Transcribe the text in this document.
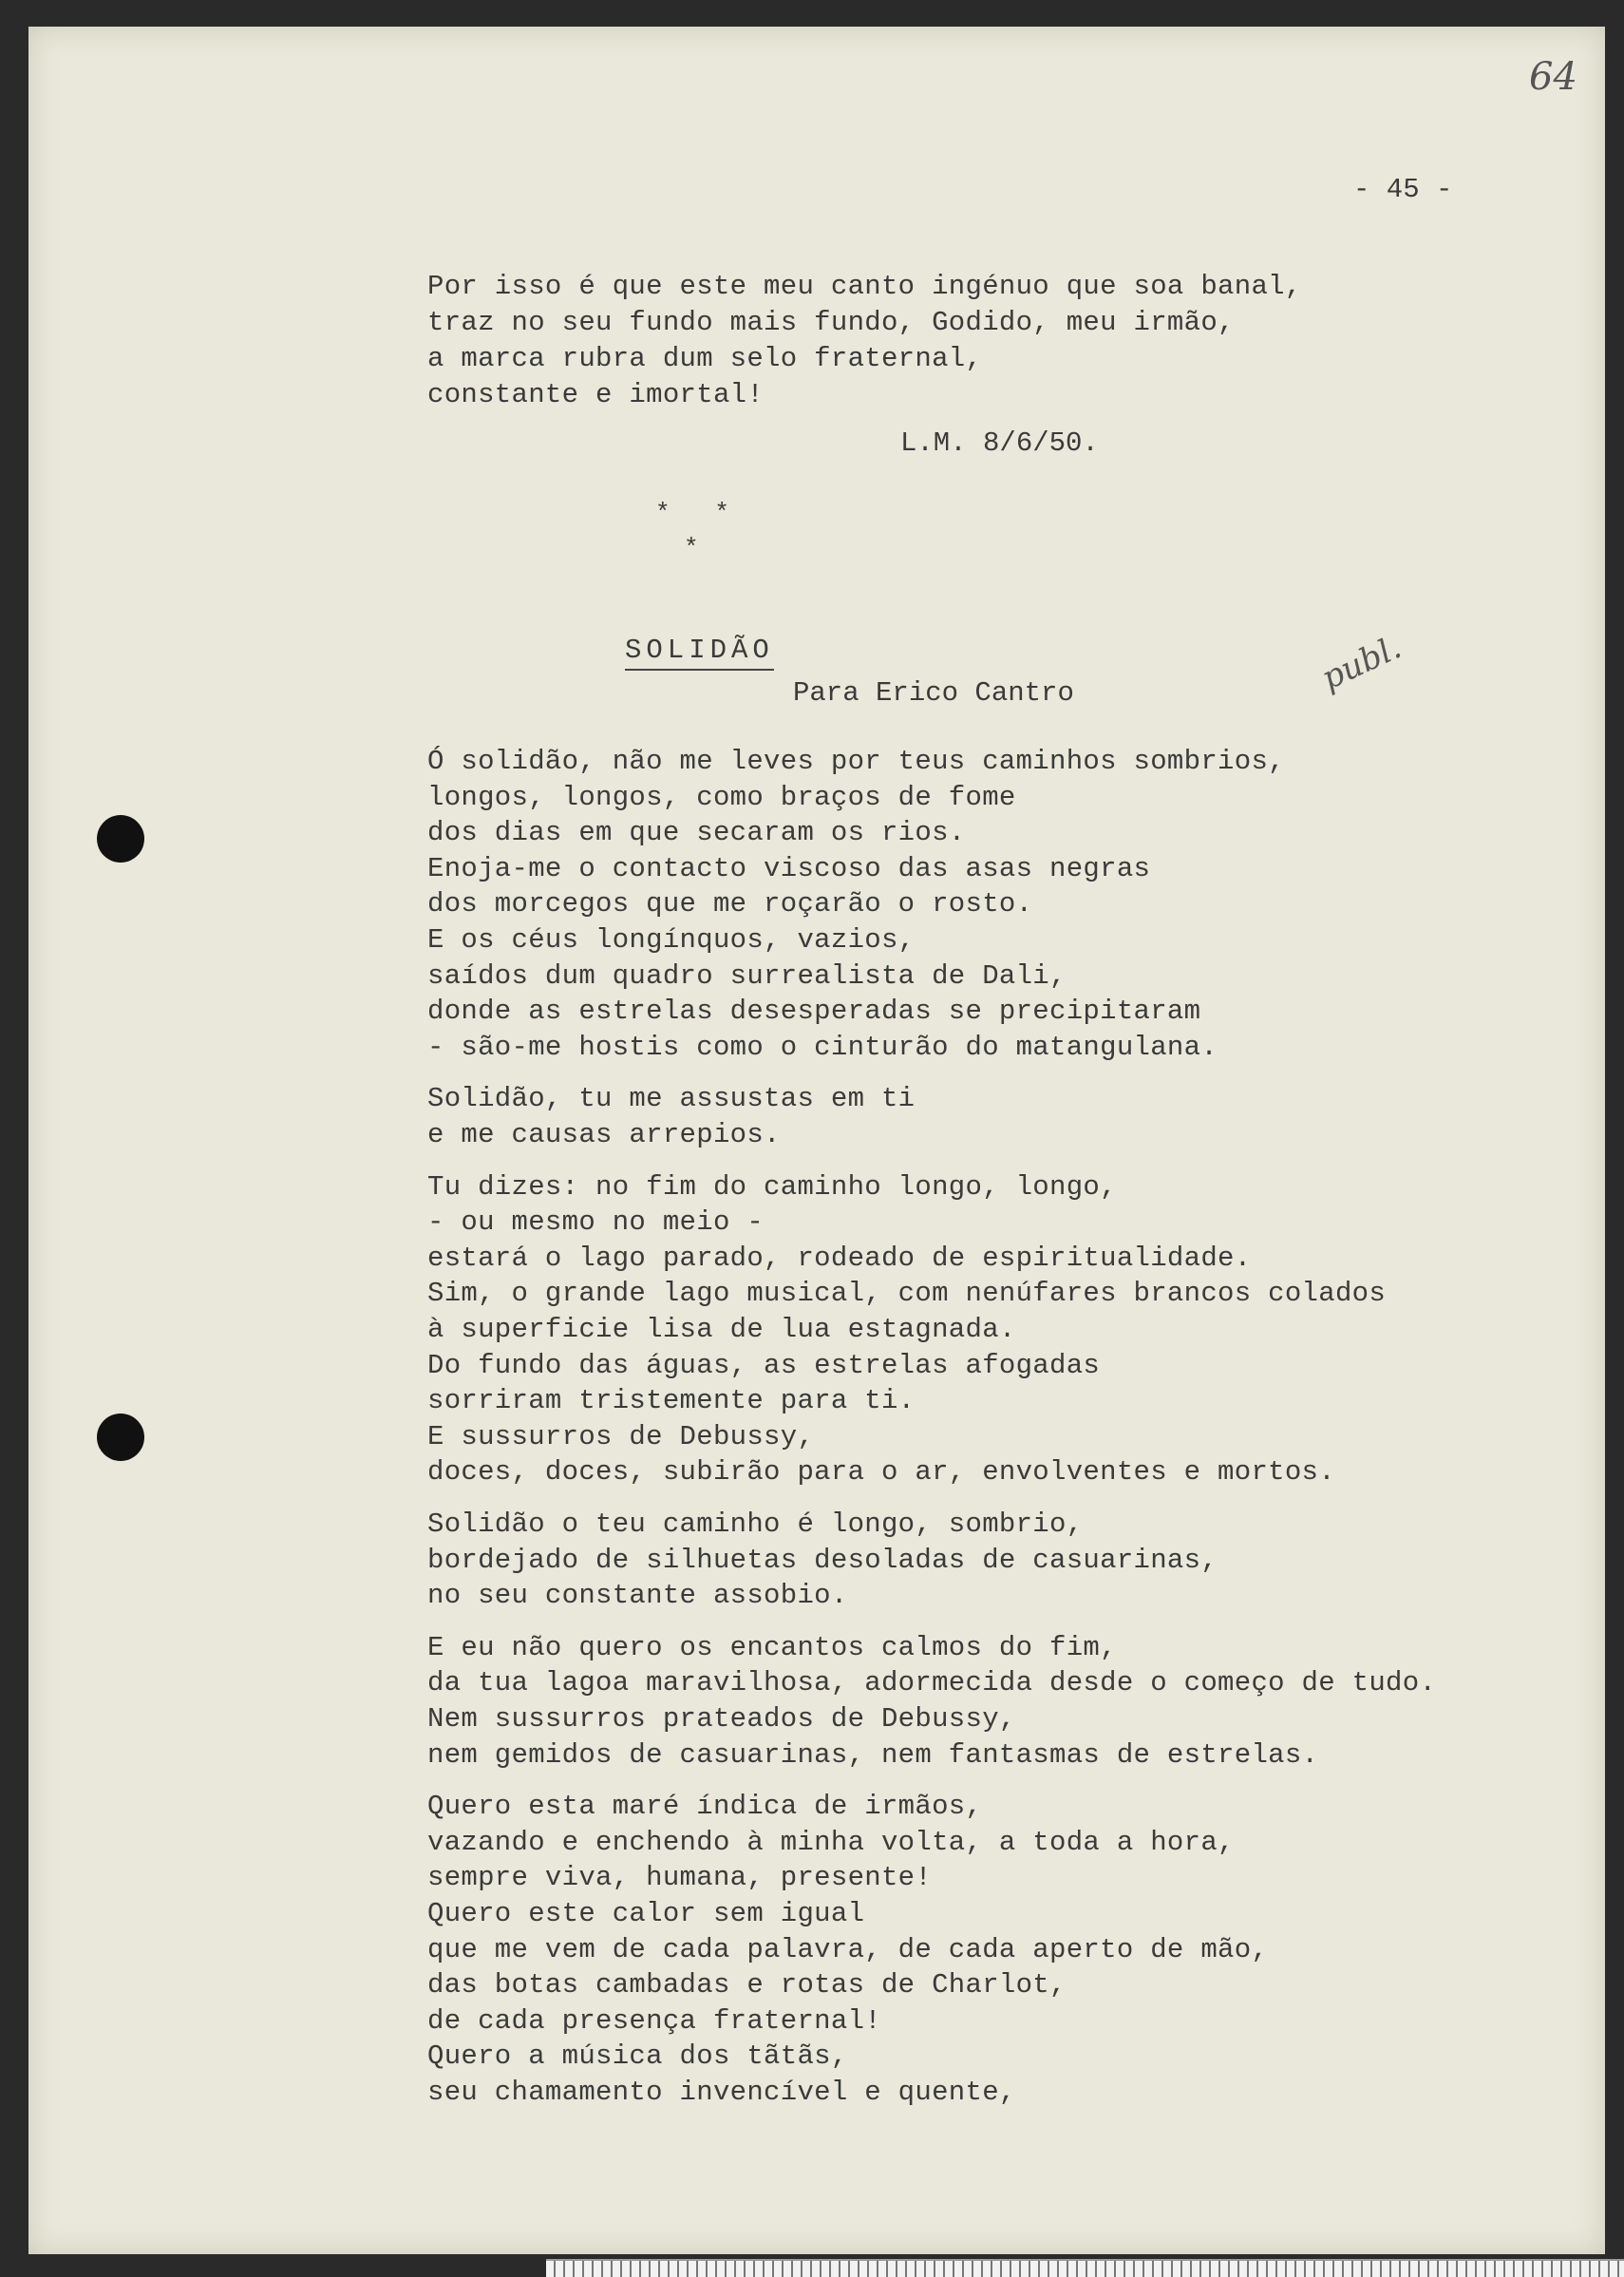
64
- 45 -
publ.
Por isso é que este meu canto ingénuo que soa banal,
traz no seu fundo mais fundo, Godido, meu irmão,
a marca rubra dum selo fraternal,
constante e imortal!
L.M. 8/6/50.
*   *
*
SOLIDÃO
Para Erico Cantro
Ó solidão, não me leves por teus caminhos sombrios,
longos, longos, como braços de fome
dos dias em que secaram os rios.
Enoja-me o contacto viscoso das asas negras
dos morcegos que me roçarão o rosto.
E os céus longínquos, vazios,
saídos dum quadro surrealista de Dali,
donde as estrelas desesperadas se precipitaram
- são-me hostis como o cinturão do matangulana.
Solidão, tu me assustas em ti
e me causas arrepios.
Tu dizes: no fim do caminho longo, longo,
- ou mesmo no meio -
estará o lago parado, rodeado de espiritualidade.
Sim, o grande lago musical, com nenúfares brancos colados
à superficie lisa de lua estagnada.
Do fundo das águas, as estrelas afogadas
sorriram tristemente para ti.
E sussurros de Debussy,
doces, doces, subirão para o ar, envolventes e mortos.
Solidão o teu caminho é longo, sombrio,
bordejado de silhuetas desoladas de casuarinas,
no seu constante assobio.
E eu não quero os encantos calmos do fim,
da tua lagoa maravilhosa, adormecida desde o começo de tudo.
Nem sussurros prateados de Debussy,
nem gemidos de casuarinas, nem fantasmas de estrelas.
Quero esta maré índica de irmãos,
vazando e enchendo à minha volta, a toda a hora,
sempre viva, humana, presente!
Quero este calor sem igual
que me vem de cada palavra, de cada aperto de mão,
das botas cambadas e rotas de Charlot,
de cada presença fraternal!
Quero a música dos tãtãs,
seu chamamento invencível e quente,
